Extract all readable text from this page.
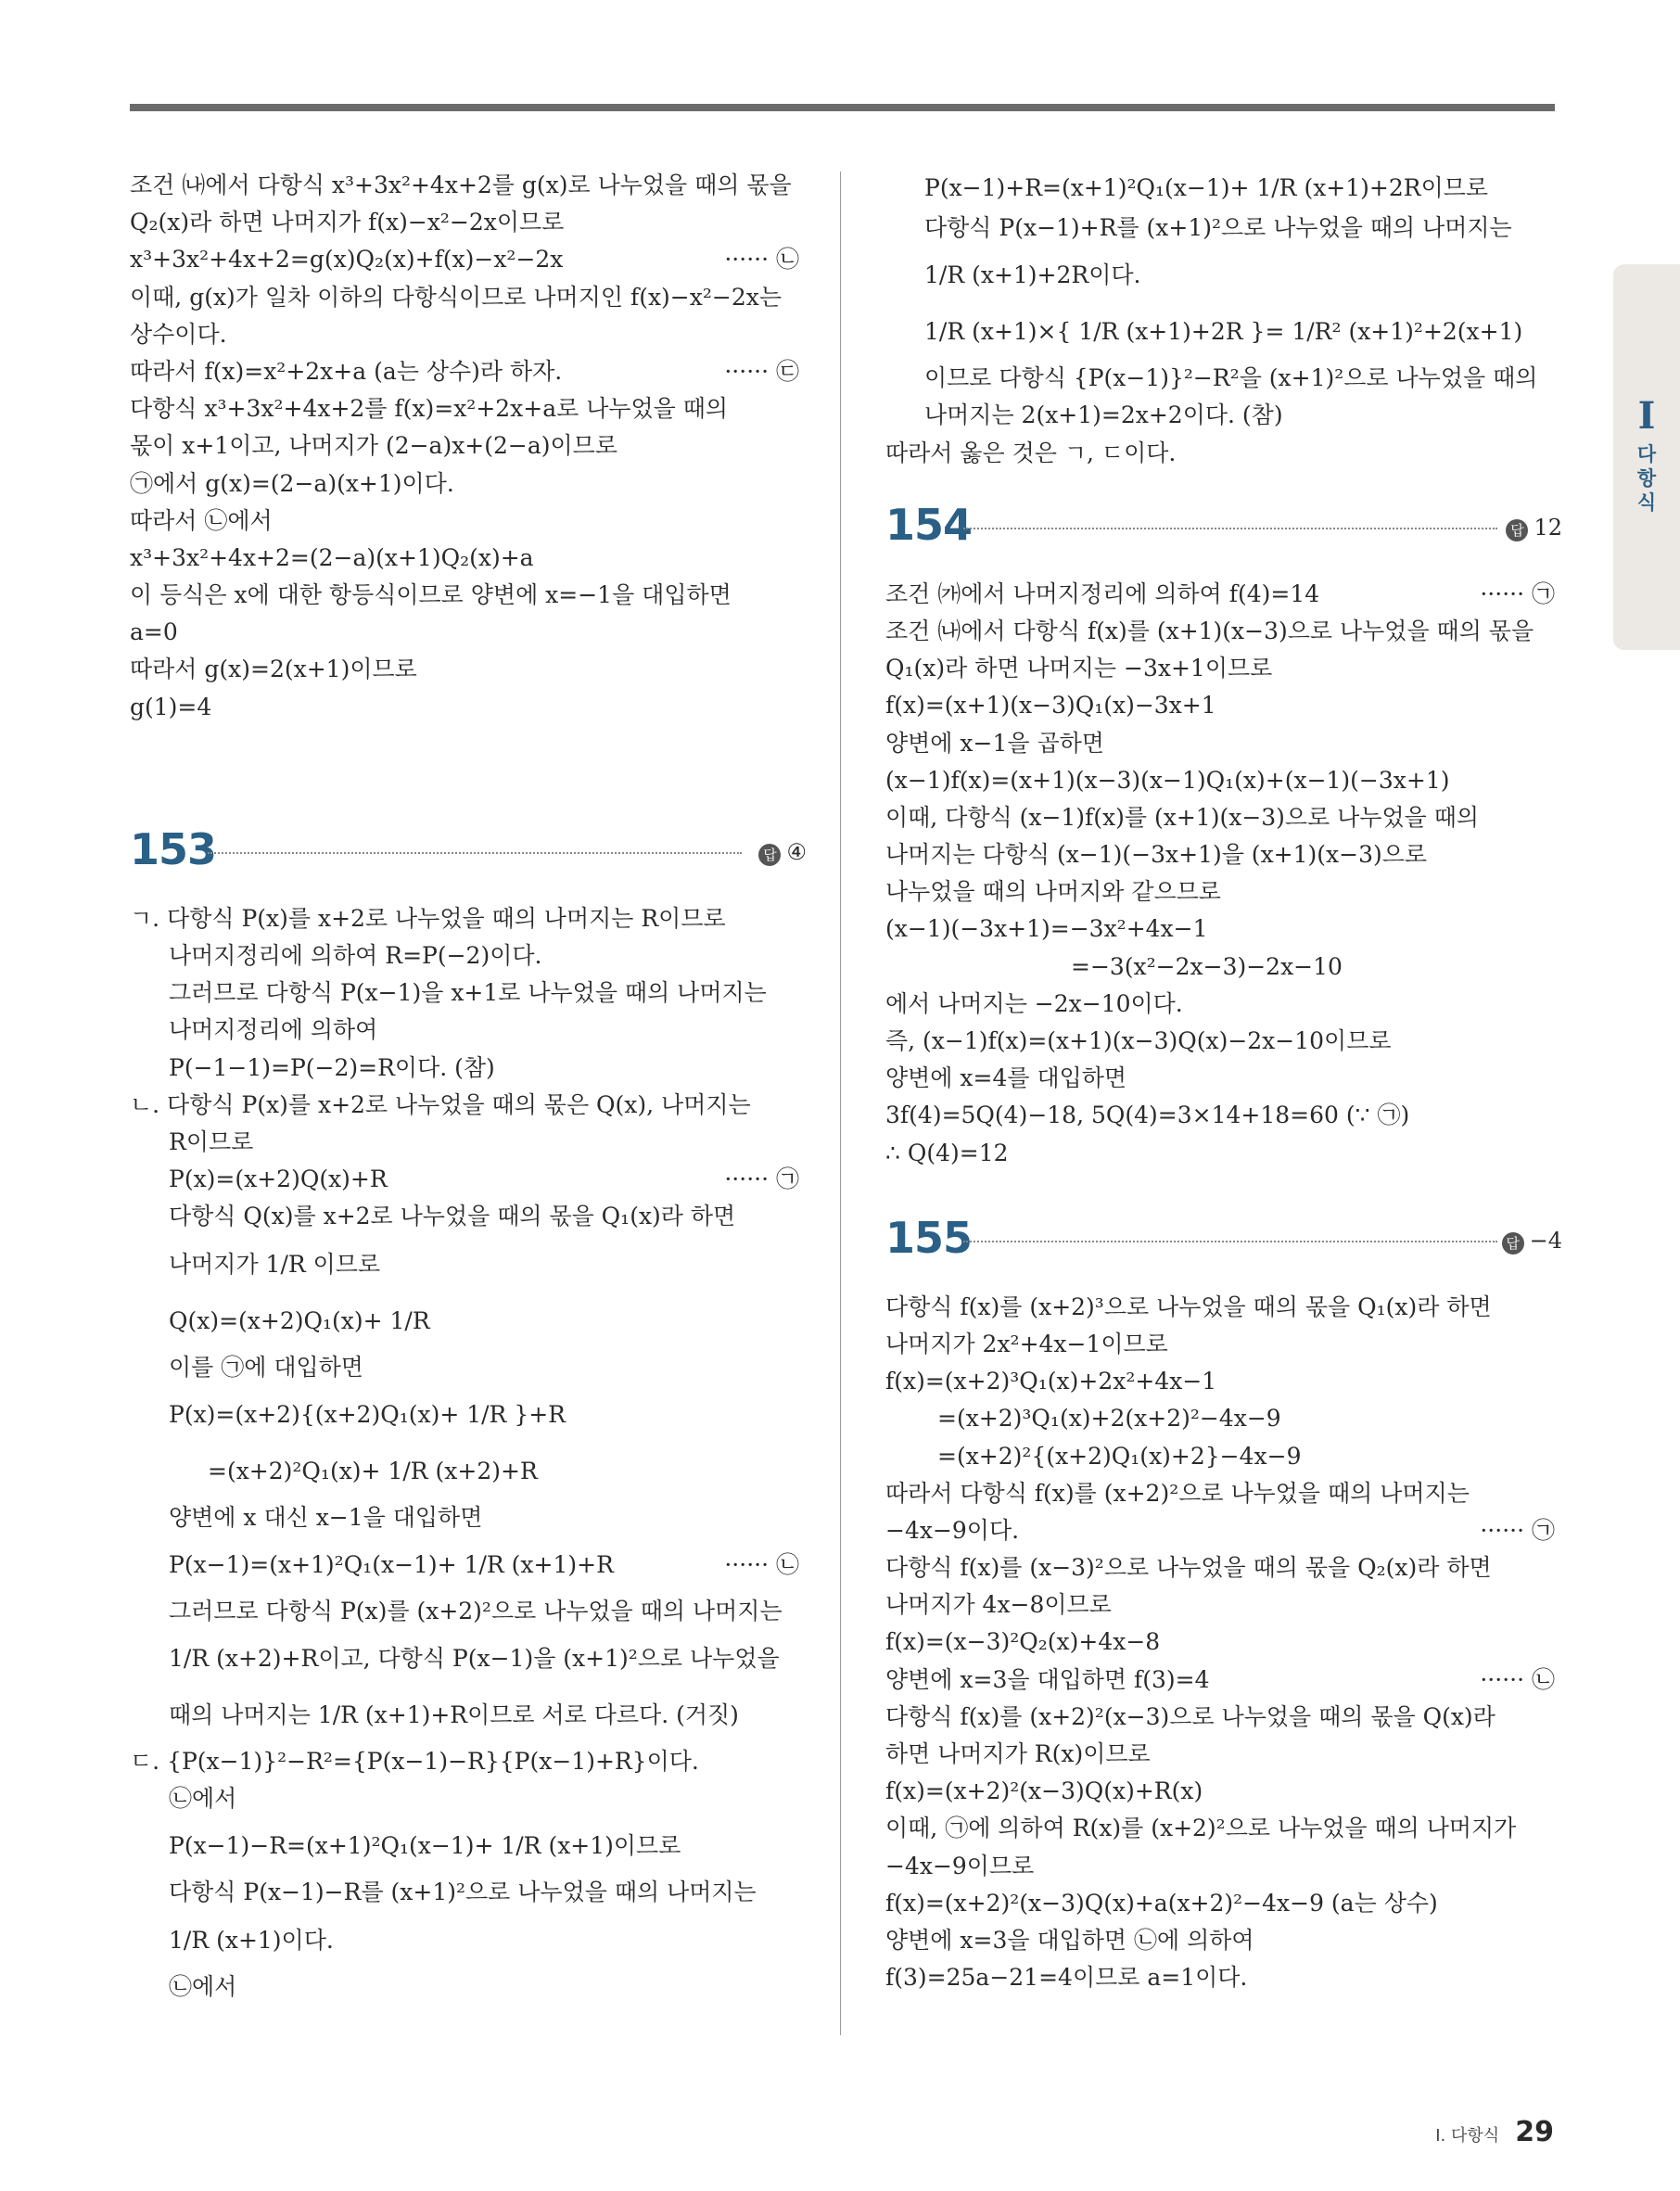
조건 ㈏에서 다항식 x³+3x²+4x+2를 g(x)로 나누었을 때의 몫을
Q₂(x)라 하면 나머지가 f(x)−x²−2x이므로
x³+3x²+4x+2=g(x)Q₂(x)+f(x)−x²−2x	······ ㉡
이때, g(x)가 일차 이하의 다항식이므로 나머지인 f(x)−x²−2x는
상수이다.
따라서 f(x)=x²+2x+a (a는 상수)라 하자.	······ ㉢
다항식 x³+3x²+4x+2를 f(x)=x²+2x+a로 나누었을 때의
몫이 x+1이고, 나머지가 (2−a)x+(2−a)이므로
㉠에서 g(x)=(2−a)(x+1)이다.
따라서 ㉡에서
x³+3x²+4x+2=(2−a)(x+1)Q₂(x)+a
이 등식은 x에 대한 항등식이므로 양변에 x=−1을 대입하면
a=0
따라서 g(x)=2(x+1)이므로
g(1)=4
153	답 ④
ㄱ. 다항식 P(x)를 x+2로 나누었을 때의 나머지는 R이므로
나머지정리에 의하여 R=P(−2)이다.
그러므로 다항식 P(x−1)을 x+1로 나누었을 때의 나머지는
나머지정리에 의하여
P(−1−1)=P(−2)=R이다. (참)
ㄴ. 다항식 P(x)를 x+2로 나누었을 때의 몫은 Q(x), 나머지는
R이므로
P(x)=(x+2)Q(x)+R	······ ㉠
다항식 Q(x)를 x+2로 나누었을 때의 몫을 Q₁(x)라 하면
나머지가 1/R 이므로
Q(x)=(x+2)Q₁(x)+ 1/R
이를 ㉠에 대입하면
P(x)=(x+2){(x+2)Q₁(x)+ 1/R }+R
=(x+2)²Q₁(x)+ 1/R (x+2)+R
양변에 x 대신 x−1을 대입하면
P(x−1)=(x+1)²Q₁(x−1)+ 1/R (x+1)+R	······ ㉡
그러므로 다항식 P(x)를 (x+2)²으로 나누었을 때의 나머지는
1/R (x+2)+R이고, 다항식 P(x−1)을 (x+1)²으로 나누었을
때의 나머지는 1/R (x+1)+R이므로 서로 다르다. (거짓)
ㄷ. {P(x−1)}²−R²={P(x−1)−R}{P(x−1)+R}이다.
㉡에서
P(x−1)−R=(x+1)²Q₁(x−1)+ 1/R (x+1)이므로
다항식 P(x−1)−R를 (x+1)²으로 나누었을 때의 나머지는
1/R (x+1)이다.
㉡에서
P(x−1)+R=(x+1)²Q₁(x−1)+ 1/R (x+1)+2R이므로
다항식 P(x−1)+R를 (x+1)²으로 나누었을 때의 나머지는
1/R (x+1)+2R이다.
1/R (x+1)×{ 1/R (x+1)+2R }= 1/R² (x+1)²+2(x+1)
이므로 다항식 {P(x−1)}²−R²을 (x+1)²으로 나누었을 때의
나머지는 2(x+1)=2x+2이다. (참)
따라서 옳은 것은 ㄱ, ㄷ이다.
154	답 12
조건 ㈎에서 나머지정리에 의하여 f(4)=14	······ ㉠
조건 ㈏에서 다항식 f(x)를 (x+1)(x−3)으로 나누었을 때의 몫을
Q₁(x)라 하면 나머지는 −3x+1이므로
f(x)=(x+1)(x−3)Q₁(x)−3x+1
양변에 x−1을 곱하면
(x−1)f(x)=(x+1)(x−3)(x−1)Q₁(x)+(x−1)(−3x+1)
이때, 다항식 (x−1)f(x)를 (x+1)(x−3)으로 나누었을 때의
나머지는 다항식 (x−1)(−3x+1)을 (x+1)(x−3)으로
나누었을 때의 나머지와 같으므로
(x−1)(−3x+1)=−3x²+4x−1
=−3(x²−2x−3)−2x−10
에서 나머지는 −2x−10이다.
즉, (x−1)f(x)=(x+1)(x−3)Q(x)−2x−10이므로
양변에 x=4를 대입하면
3f(4)=5Q(4)−18, 5Q(4)=3×14+18=60 (∵ ㉠)
∴ Q(4)=12
155	답 −4
다항식 f(x)를 (x+2)³으로 나누었을 때의 몫을 Q₁(x)라 하면
나머지가 2x²+4x−1이므로
f(x)=(x+2)³Q₁(x)+2x²+4x−1
=(x+2)³Q₁(x)+2(x+2)²−4x−9
=(x+2)²{(x+2)Q₁(x)+2}−4x−9
따라서 다항식 f(x)를 (x+2)²으로 나누었을 때의 나머지는
−4x−9이다.	······ ㉠
다항식 f(x)를 (x−3)²으로 나누었을 때의 몫을 Q₂(x)라 하면
나머지가 4x−8이므로
f(x)=(x−3)²Q₂(x)+4x−8
양변에 x=3을 대입하면 f(3)=4	······ ㉡
다항식 f(x)를 (x+2)²(x−3)으로 나누었을 때의 몫을 Q(x)라
하면 나머지가 R(x)이므로
f(x)=(x+2)²(x−3)Q(x)+R(x)
이때, ㉠에 의하여 R(x)를 (x+2)²으로 나누었을 때의 나머지가
−4x−9이므로
f(x)=(x+2)²(x−3)Q(x)+a(x+2)²−4x−9 (a는 상수)
양변에 x=3을 대입하면 ㉡에 의하여
f(3)=25a−21=4이므로 a=1이다.
I
다
항
식
I. 다항식 29
